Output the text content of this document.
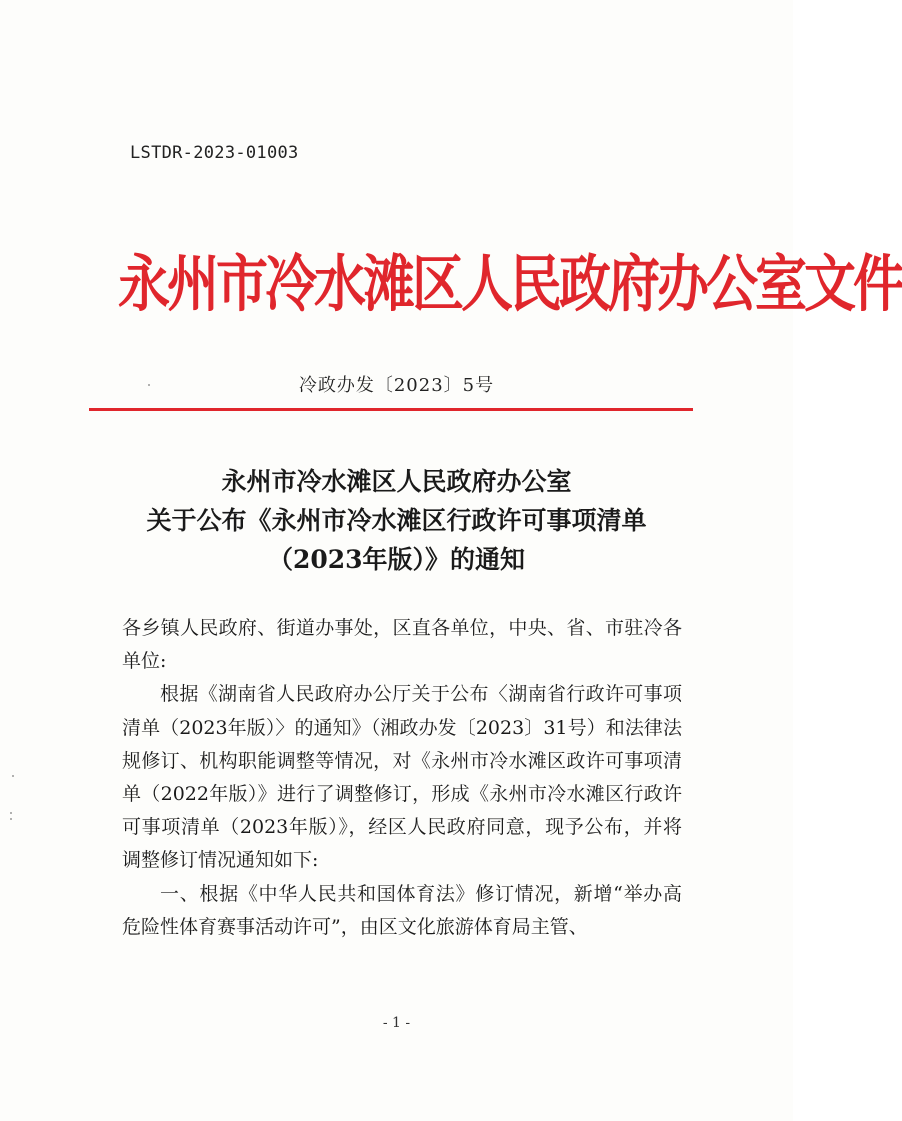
LSTDR-2023-01003
永州市冷水滩区人民政府办公室文件
冷政办发〔2023〕5号
永州市冷水滩区人民政府办公室
关于公布《永州市冷水滩区行政许可事项清单
（2023年版）》的通知

各乡镇人民政府、街道办事处，区直各单位，中央、省、市驻冷各单位:

根据《湖南省人民政府办公厅关于公布〈湖南省行政许可事项清单（2023年版）〉的通知》（湘政办发〔2023〕31号）和法律法规修订、机构职能调整等情况，对《永州市冷水滩区政许可事项清单（2022年版）》进行了调整修订，形成《永州市冷水滩区行政许可事项清单（2023年版）》，经区人民政府同意，现予公布，并将调整修订情况通知如下:

一、根据《中华人民共和国体育法》修订情况，新增“举办高危险性体育赛事活动许可”，由区文化旅游体育局主管、

- 1 -
